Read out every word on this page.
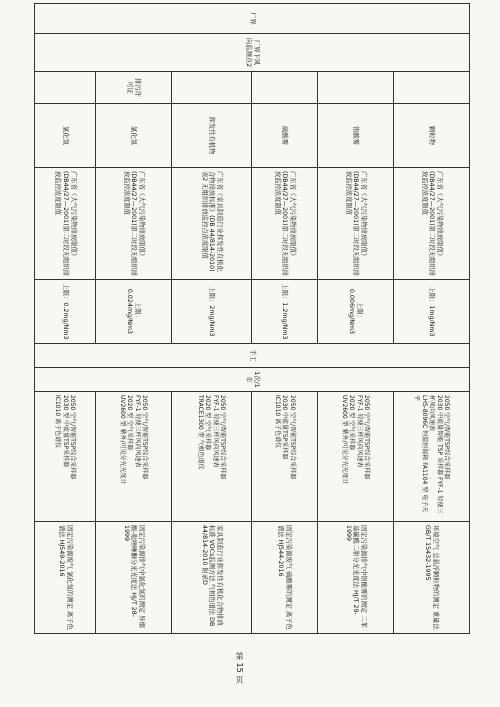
厂界	厂界下风向监测点2		颗粒物	广东省《大气污染物排放限值》(DB44/27—2001)第二时段无组织排放监控浓度限值	上限：1mg/Nm3	手工	1次/1年	2050 空气/智能TSP综合采样器
2030 中流量智能 TSP 采样器 FYF-1 轻便三杯风向风速表
LHS-8096C 恒温恒湿箱 FA1104 型 电子天平	环境空气 总悬浮颗粒物的测定 重量法 GB/T 15432-1995
			铬酸雾	广东省《大气污染物排放限值》(DB44/27—2001)第二时段无组织排放监控浓度限值	上限：0.006mg/Nm3			2050 空气/智能TSP综合采样器
FYF-1 轻便三杯风向风速表
2020 型 空气采样器
UV2600 型 紫外/可见分光光度计	固定污染源排气中铬酸雾的测定 二苯基碳酰二肼分光光度法 HJ/T 29-1999
			硫酸雾	广东省《大气污染物排放限值》(DB44/27—2001)第二时段无组织排放监控浓度限值	上限：1.2mg/Nm3			2050 空气/智能TSP综合采样器
2030 中流量TSP采样器
IC1010 离子色谱仪	固定污染源废气 硫酸雾的测定 离子色谱法 HJ544-2016
			挥发性有机物	广东省《家具制造行业挥发性有机化合物排放标准》(DB 44/814-2010)表2 无组织排放监控点浓度限值	上限：2mg/Nm3			2050 空气/智能TSP综合采样器
FYF-1 轻便三杯风向风速表
2020 型 空气采样器
TRACE1300 型 气相色谱仪	家具制造行业挥发性有机化合物排放标准 VOCs监测方法 气相色谱法 DB 44/814-2010 附录D
		排污许可证	氯化氢	广东省《大气污染物排放限值》(DB44/27—2001)第二时段无组织排放监控浓度限值	上限：0.024mg/Nm3			2050 空气/智能TSP综合采样器
FYF-1 轻便三杯风向风速表
2020 型 空气采样器
UV2600 型 紫外/可见分光光度计	固定污染源排气中氯化氢的测定 异烟酸-吡唑啉酮分光光度法 HJ/T 28-1999
			氯化氢	广东省《大气污染物排放限值》(DB44/27—2001)第二时段无组织排放监控浓度限值	上限：0.2mg/Nm3			2050 空气/智能TSP综合采样器
2030 型 中流量TSP采样器
IC1010 离子色谱仪	固定污染源废气 氯化氢的测定 离子色谱法 HJ549-2016
第 15 页
